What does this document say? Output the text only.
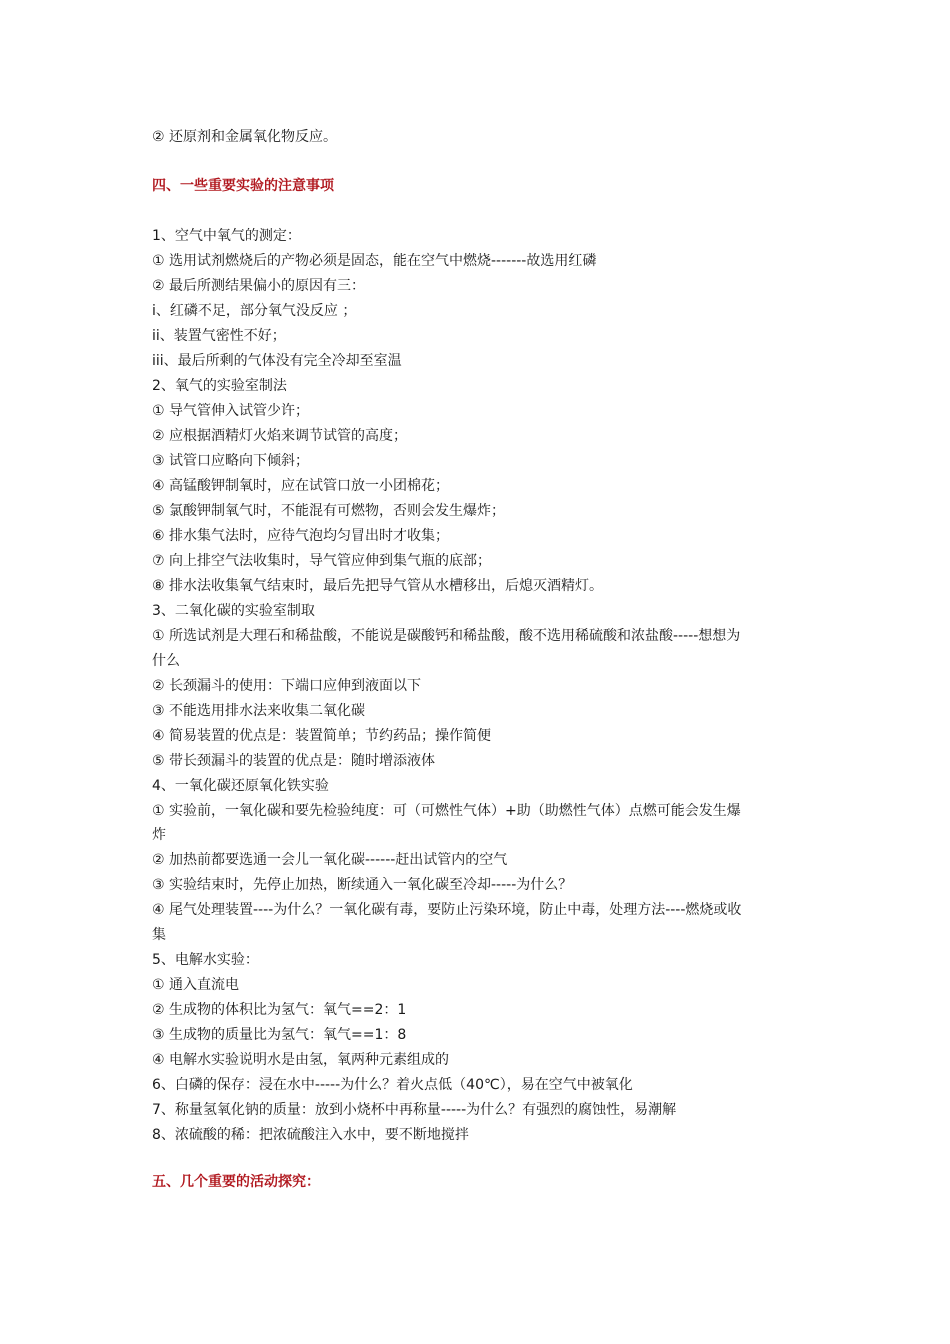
② 还原剂和金属氧化物反应。
四、一些重要实验的注意事项
1、空气中氧气的测定：
① 选用试剂燃烧后的产物必须是固态，能在空气中燃烧-------故选用红磷
② 最后所测结果偏小的原因有三：
i、红磷不足，部分氧气没反应 ；
ii、装置气密性不好；
iii、最后所剩的气体没有完全冷却至室温
2、氧气的实验室制法
① 导气管伸入试管少许；
② 应根据酒精灯火焰来调节试管的高度；
③ 试管口应略向下倾斜；
④ 高锰酸钾制氧时，应在试管口放一小团棉花；
⑤ 氯酸钾制氧气时，不能混有可燃物，否则会发生爆炸；
⑥ 排水集气法时，应待气泡均匀冒出时才收集；
⑦ 向上排空气法收集时，导气管应伸到集气瓶的底部；
⑧ 排水法收集氧气结束时，最后先把导气管从水槽移出，后熄灭酒精灯。
3、二氧化碳的实验室制取
① 所选试剂是大理石和稀盐酸，不能说是碳酸钙和稀盐酸，酸不选用稀硫酸和浓盐酸-----想想为
什么
② 长颈漏斗的使用：下端口应伸到液面以下
③ 不能选用排水法来收集二氧化碳
④ 简易装置的优点是：装置简单；节约药品；操作简便
⑤ 带长颈漏斗的装置的优点是：随时增添液体
4、一氧化碳还原氧化铁实验
① 实验前，一氧化碳和要先检验纯度：可（可燃性气体）+助（助燃性气体）点燃可能会发生爆
炸
② 加热前都要选通一会儿一氧化碳------赶出试管内的空气
③ 实验结束时，先停止加热，断续通入一氧化碳至冷却-----为什么？
④ 尾气处理装置----为什么？一氧化碳有毒，要防止污染环境，防止中毒，处理方法----燃烧或收
集
5、电解水实验：
① 通入直流电
② 生成物的体积比为氢气：氧气==2：1
③ 生成物的质量比为氢气：氧气==1：8
④ 电解水实验说明水是由氢，氧两种元素组成的
6、白磷的保存：浸在水中-----为什么？着火点低（40℃），易在空气中被氧化
7、称量氢氧化钠的质量：放到小烧杯中再称量-----为什么？有强烈的腐蚀性，易潮解
8、浓硫酸的稀：把浓硫酸注入水中，要不断地搅拌
五、几个重要的活动探究：
